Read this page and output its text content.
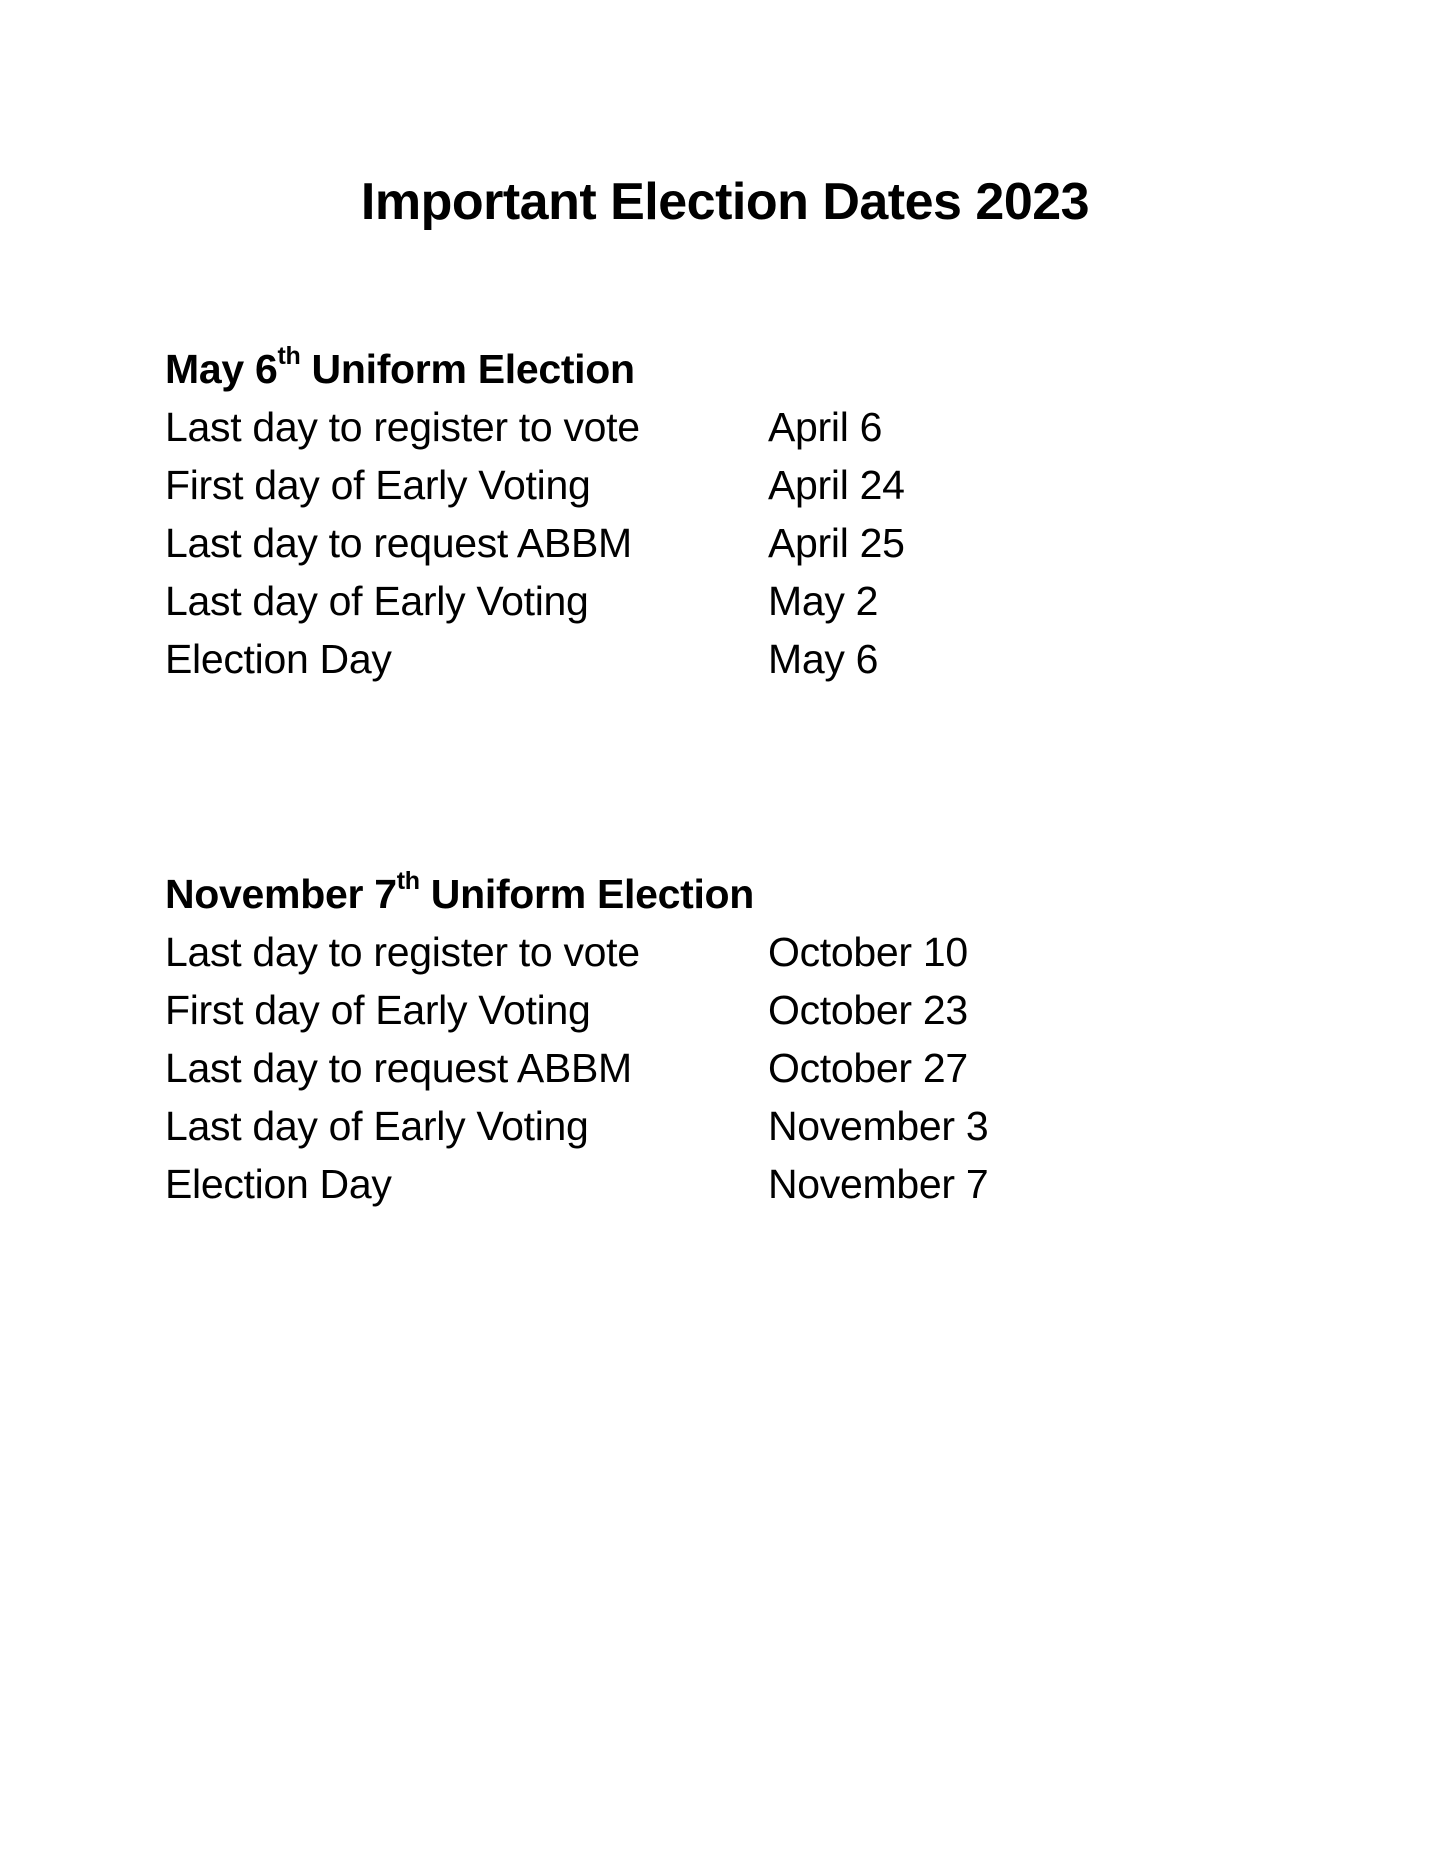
Important Election Dates 2023
May 6th Uniform Election
Last day to register to vote	April 6
First day of Early Voting	April 24
Last day to request ABBM	April 25
Last day of Early Voting	May 2
Election Day	May 6
November 7th Uniform Election
Last day to register to vote	October 10
First day of Early Voting	October 23
Last day to request ABBM	October 27
Last day of Early Voting	November 3
Election Day	November 7
